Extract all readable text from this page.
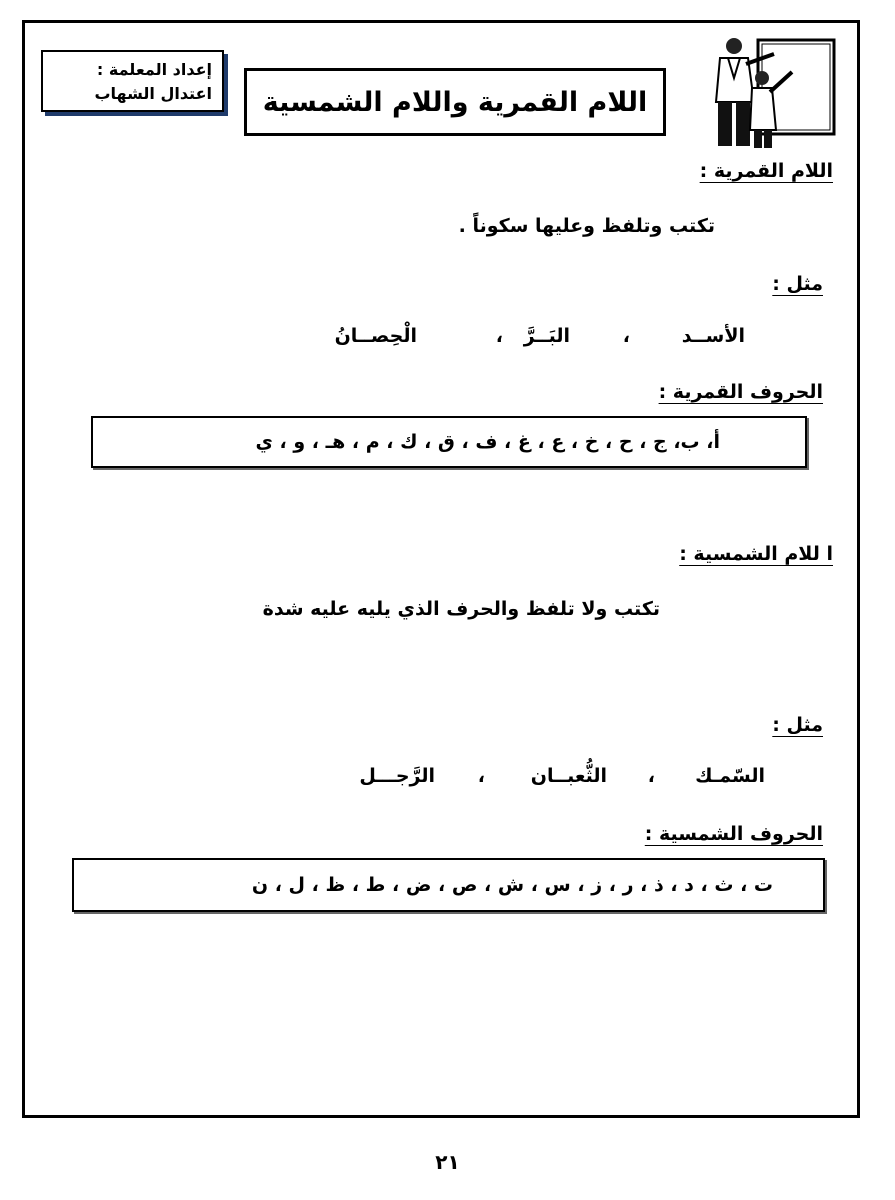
إعداد المعلمة :
اعتدال الشهاب اللام القمرية واللام الشمسية
اللام القمرية :
تكتب وتلفظ وعليها سكوناً .
مثل :
الأســد
،
البَــرَّ
،
الْحِصــانُ
الحروف القمرية :
أ، ب، ج ، ح ، خ ، ع ، غ ، ف ، ق ، ك ، م ، هـ ، و ، ي
ا للام الشمسية :
تكتب ولا تلفظ والحرف الذي يليه عليه شدة
مثل :
السّمـك
،
الثُّعبــان
،
الرَّجـــل
الحروف الشمسية :
ت ، ث ، د ، ذ ، ر ، ز ، س ، ش ، ص ، ض ، ط ، ظ ، ل ، ن
٢١
